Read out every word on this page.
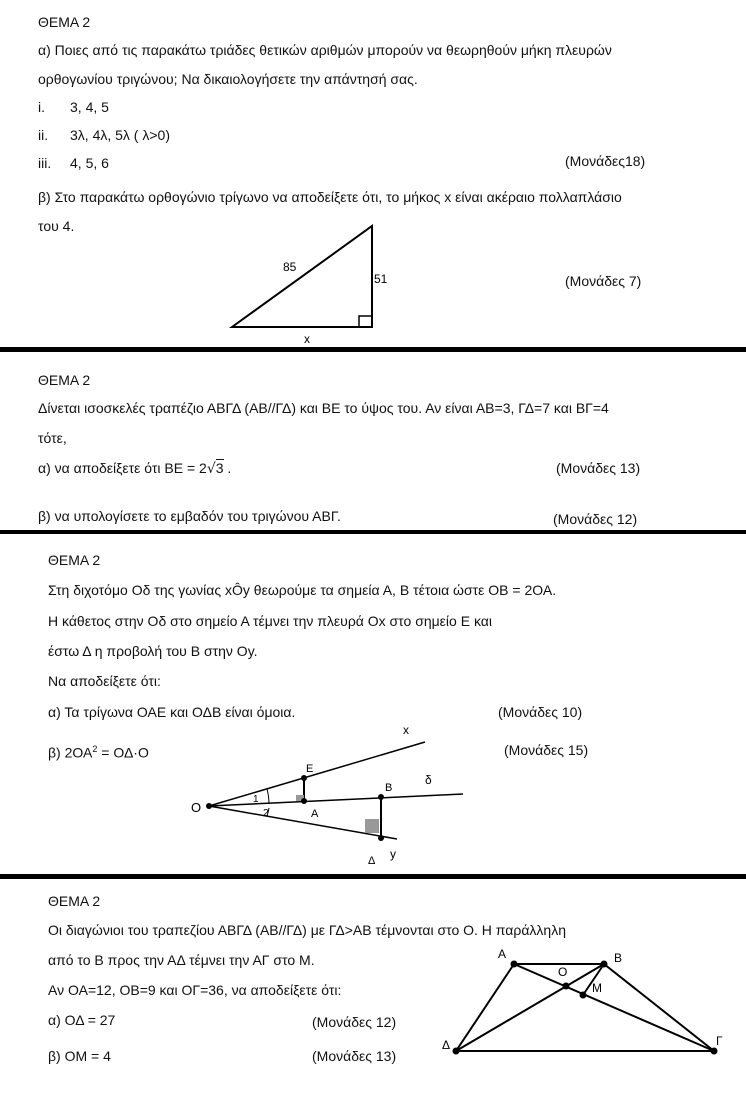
ΘΕΜΑ 2
α) Ποιες από τις παρακάτω τριάδες θετικών αριθμών μπορούν να θεωρηθούν μήκη πλευρών
ορθογωνίου τριγώνου; Να δικαιολογήσετε την απάντησή σας.
i. 3, 4, 5
ii. 3λ, 4λ, 5λ ( λ>0)
iii. 4, 5, 6	(Μονάδες18)
β) Στο παρακάτω ορθογώνιο τρίγωνο να αποδείξετε ότι, το μήκος x είναι ακέραιο πολλαπλάσιο
του 4.
(Μονάδες 7)
85
51
x
ΘΕΜΑ 2
Δίνεται ισοσκελές τραπέζιο ΑΒΓΔ (ΑΒ//ΓΔ) και ΒΕ το ύψος του. Αν είναι ΑΒ=3, ΓΔ=7 και ΒΓ=4
τότε,
α) να αποδείξετε ότι ΒΕ = 2√3 .	(Μονάδες 13)
β) να υπολογίσετε το εμβαδόν του τριγώνου ΑΒΓ.	(Μονάδες 12)
ΘΕΜΑ 2
Στη διχοτόμο Οδ της γωνίας xÔy θεωρούμε τα σημεία Α, Β τέτοια ώστε ΟΒ = 2ΟΑ.
Η κάθετος στην Οδ στο σημείο Α τέμνει την πλευρά Οx στο σημείο Ε και
έστω Δ η προβολή του Β στην Οy.
Να αποδείξετε ότι:
α) Τα τρίγωνα ΟΑΕ και ΟΔΒ είναι όμοια.	(Μονάδες 10)
β) $2OA^2 = O\Delta\cdot O$	(Μονάδες 15)
O
x
E
B
δ
A
Δ y
1
2
ΘΕΜΑ 2
Οι διαγώνιοι του τραπεζίου ΑΒΓΔ (ΑΒ//ΓΔ) με ΓΔ>ΑΒ τέμνονται στο Ο. Η παράλληλη
από το Β προς την ΑΔ τέμνει την ΑΓ στο Μ.
Αν ΟΑ=12, ΟΒ=9 και ΟΓ=36, να αποδείξετε ότι:
α) ΟΔ = 27	(Μονάδες 12)
β) ΟΜ = 4	(Μονάδες 13)
Α	Β
Ο
Μ
Δ	Γ
